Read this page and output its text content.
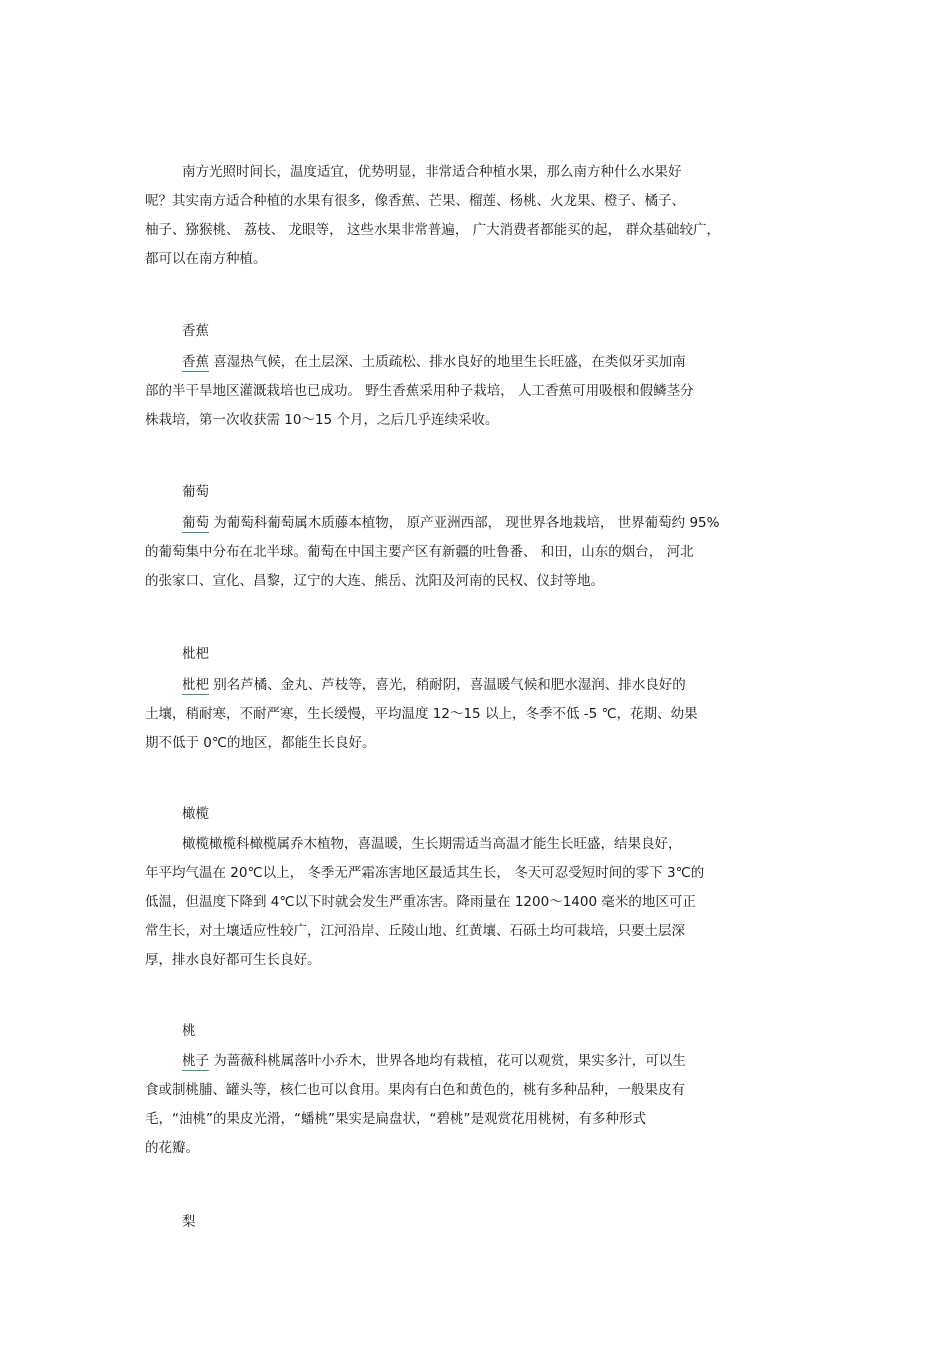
南方光照时间长，温度适宜，优势明显，非常适合种植水果，那么南方种什么水果好

呢？其实南方适合种植的水果有很多，像香蕉、芒果、榴莲、杨桃、火龙果、橙子、橘子、

柚子、猕猴桃、 荔枝、 龙眼等， 这些水果非常普遍， 广大消费者都能买的起， 群众基础较广，

都可以在南方种植。

香蕉

香蕉 喜湿热气候，在土层深、土质疏松、排水良好的地里生长旺盛，在类似牙买加南

部的半干旱地区灌溉栽培也已成功。 野生香蕉采用种子栽培， 人工香蕉可用吸根和假鳞茎分

株栽培，第一次收获需 10～15 个月，之后几乎连续采收。

葡萄

葡萄 为葡萄科葡萄属木质藤本植物， 原产亚洲西部， 现世界各地栽培， 世界葡萄约 95%

的葡萄集中分布在北半球。葡萄在中国主要产区有新疆的吐鲁番、 和田，山东的烟台， 河北

的张家口、宣化、昌黎，辽宁的大连、熊岳、沈阳及河南的民权、仪封等地。

枇杷

枇杷 别名芦橘、金丸、芦枝等，喜光，稍耐阴，喜温暖气候和肥水湿润、排水良好的

土壤，稍耐寒，不耐严寒，生长缓慢，平均温度 12～15 以上，冬季不低 -5 ℃，花期、幼果

期不低于 0℃的地区，都能生长良好。

橄榄

橄榄橄榄科橄榄属乔木植物，喜温暖，生长期需适当高温才能生长旺盛，结果良好，

年平均气温在 20℃以上， 冬季无严霜冻害地区最适其生长， 冬天可忍受短时间的零下 3℃的

低温，但温度下降到 4℃以下时就会发生严重冻害。降雨量在 1200～1400 毫米的地区可正

常生长，对土壤适应性较广，江河沿岸、丘陵山地、红黄壤、石砾土均可栽培，只要土层深

厚，排水良好都可生长良好。

桃

桃子 为蔷薇科桃属落叶小乔木，世界各地均有栽植，花可以观赏，果实多汁，可以生

食或制桃脯、罐头等，核仁也可以食用。果肉有白色和黄色的，桃有多种品种，一般果皮有

毛，“油桃”的果皮光滑，“蟠桃”果实是扁盘状，“碧桃”是观赏花用桃树，有多种形式

的花瓣。

梨
